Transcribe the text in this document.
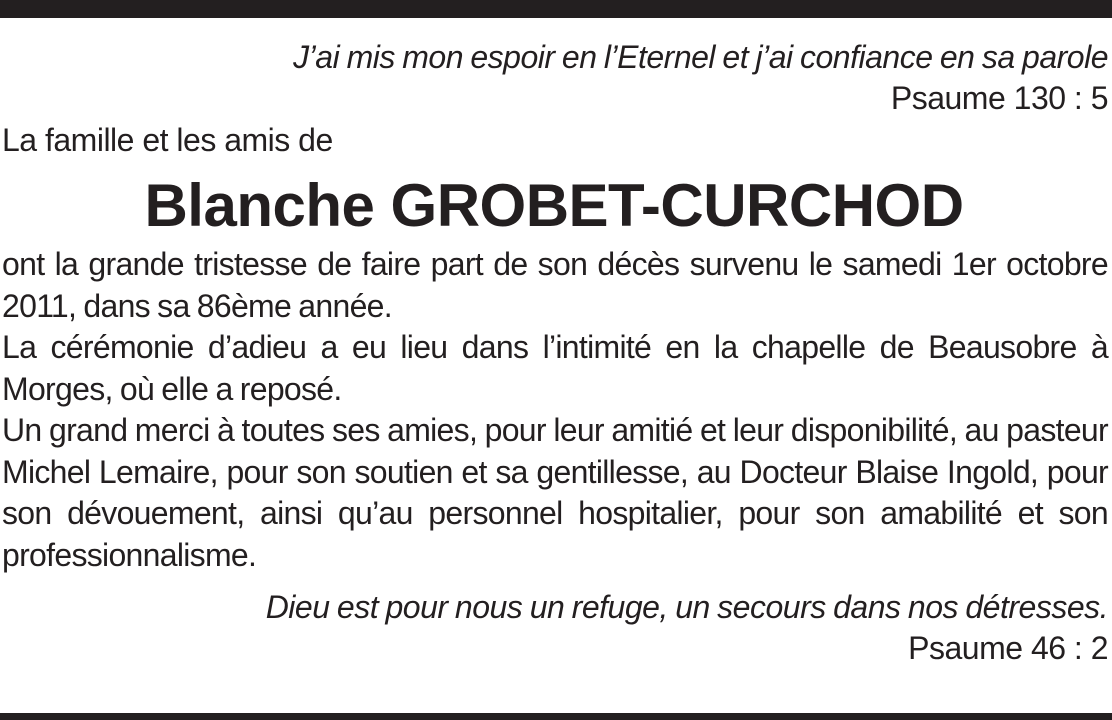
J’ai mis mon espoir en l’Eternel et j’ai confiance en sa parole
Psaume 130 : 5
La famille et les amis de
Blanche GROBET-CURCHOD

ont la grande tristesse de faire part de son décès survenu le samedi 1er octobre 2011, dans sa 86ème année.

La cérémonie d’adieu a eu lieu dans l’intimité en la chapelle de Beausobre à Morges, où elle a reposé.

Un grand merci à toutes ses amies, pour leur amitié et leur disponibilité, au pasteur Michel Lemaire, pour son soutien et sa gentillesse, au Docteur Blaise Ingold, pour son dévouement, ainsi qu’au personnel hospitalier, pour son amabilité et son professionnalisme.

Dieu est pour nous un refuge, un secours dans nos détresses.
Psaume 46 : 2
